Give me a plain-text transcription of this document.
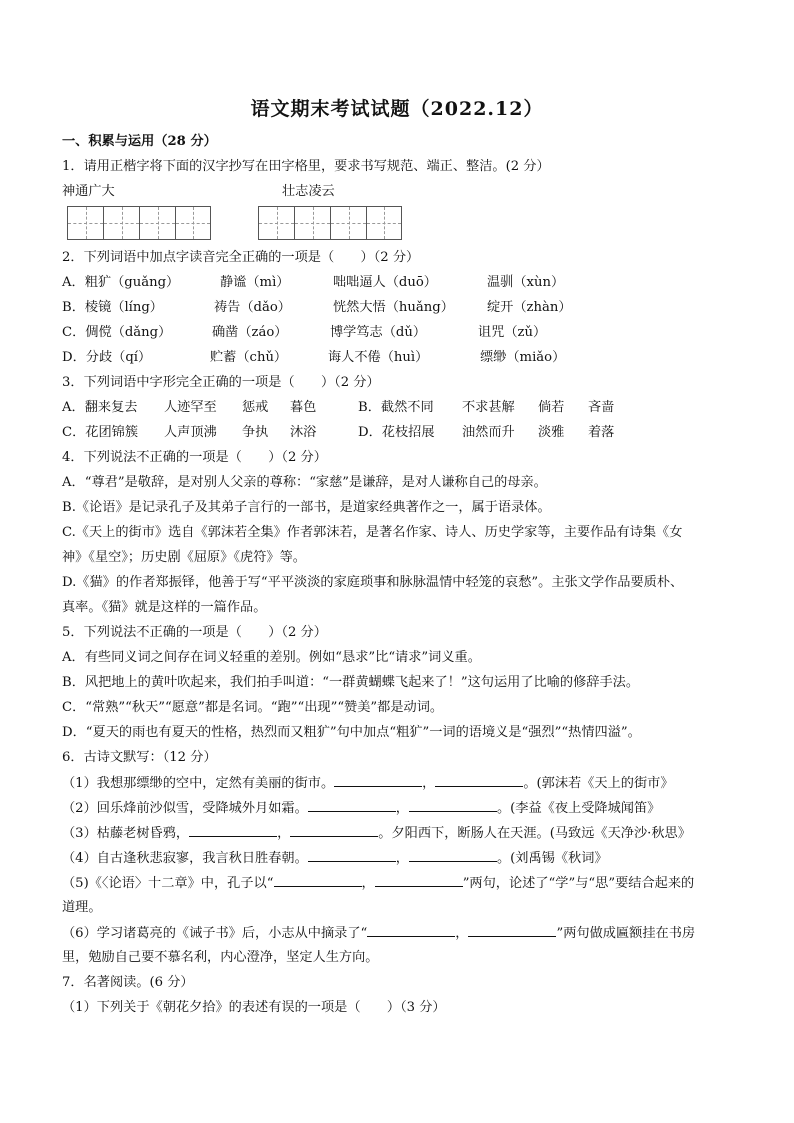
语文期末考试试题（2022.12）
一、积累与运用（28 分）
1．请用正楷字将下面的汉字抄写在田字格里，要求书写规范、端正、整洁。(2 分）
神通广大	壮志凌云
2．下列词语中加点字读音完全正确的一项是（　　）（2 分）
A．粗犷（guǎng）	静谧（mì）	咄咄逼人（duō）	温驯（xùn）
B．棱镜（líng）	祷告（dǎo）	恍然大悟（huǎng）	绽开（zhàn）
C．倜傥（dǎng）	确凿（záo）	博学笃志（dǔ）	诅咒（zǔ）
D．分歧（qí）	贮蓄（chǔ）	诲人不倦（huì）	缥缈（miǎo）
3．下列词语中字形完全正确的一项是（　　）（2 分）
A．翻来复去 人迹罕至 惩戒 暮色	B．截然不同 不求甚解 倘若 吝啬
C．花团锦簇 人声顶沸 争执 沐浴	D．花枝招展 油然而升 淡雅 着落
4．下列说法不正确的一项是（　　）（2 分）
A．“尊君”是敬辞，是对别人父亲的尊称：“家慈”是谦辞，是对人谦称自己的母亲。
B.《论语》是记录孔子及其弟子言行的一部书，是道家经典著作之一，属于语录体。
C.《天上的街市》选自《郭沫若全集》作者郭沫若，是著名作家、诗人、历史学家等，主要作品有诗集《女
神》《星空》；历史剧《屈原》《虎符》等。
D.《猫》的作者郑振铎，他善于写“平平淡淡的家庭琐事和脉脉温情中轻笼的哀愁”。主张文学作品要质朴、
真率。《猫》就是这样的一篇作品。
5．下列说法不正确的一项是（　　）（2 分）
A．有些同义词之间存在词义轻重的差别。例如“恳求”比“请求”词义重。
B．风把地上的黄叶吹起来，我们拍手叫道：“一群黄蝴蝶飞起来了！”这句运用了比喻的修辞手法。
C．“常熟”“秋天”“愿意”都是名词。“跑”“出现”“赞美”都是动词。
D．“夏天的雨也有夏天的性格，热烈而又粗犷”句中加点“粗犷”一词的语境义是“强烈”“热情四溢”。
6．古诗文默写：（12 分）
（1）我想那缥缈的空中，定然有美丽的街市。	，	。(郭沫若《天上的街市》
（2）回乐烽前沙似雪，受降城外月如霜。	，	。(李益《夜上受降城闻笛》
（3）枯藤老树昏鸦，	，	。夕阳西下，断肠人在天涯。(马致远《天净沙·秋思》
（4）自古逢秋悲寂寥，我言秋日胜春朝。	，	。(刘禹锡《秋词》
（5)《〈论语〉十二章》中，孔子以“	，	”两句，论述了“学”与“思”要结合起来的
道理。
（6）学习诸葛亮的《诫子书》后，小志从中摘录了“	，	”两句做成匾额挂在书房
里，勉励自己要不慕名利，内心澄净，坚定人生方向。
7．名著阅读。(6 分）
（1）下列关于《朝花夕拾》的表述有误的一项是（　　）（3 分）
